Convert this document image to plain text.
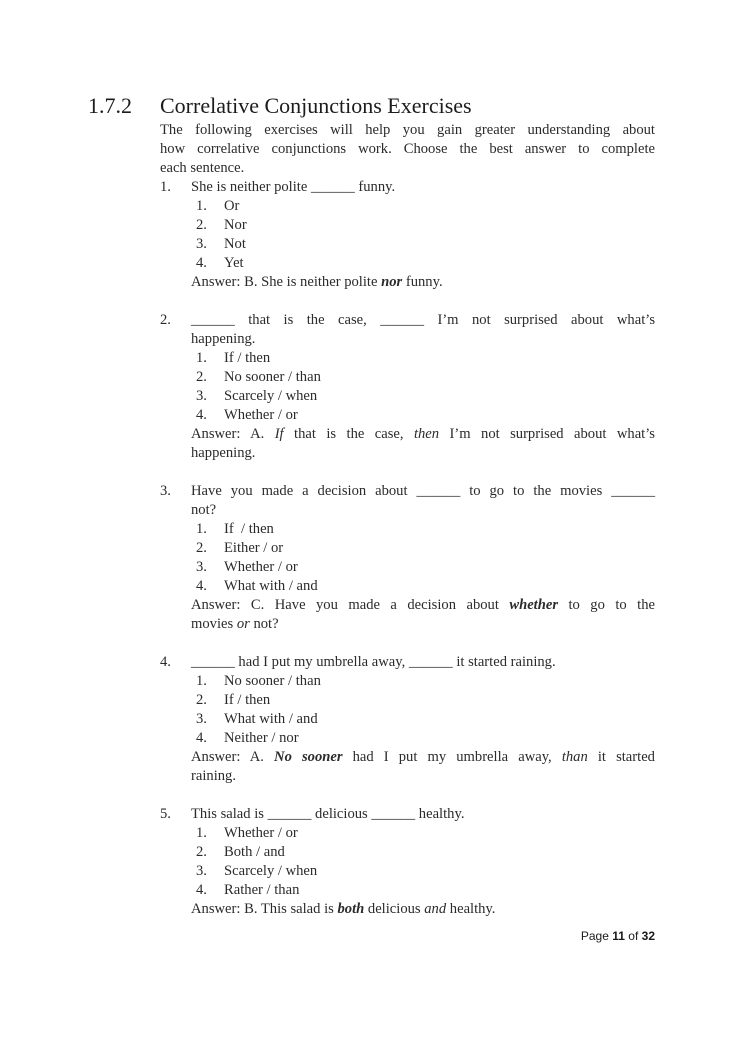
1.7.2	Correlative Conjunctions Exercises
The following exercises will help you gain greater understanding about
how correlative conjunctions work. Choose the best answer to complete
each sentence.
1.	She is neither polite ______ funny.
1.	Or
2.	Nor
3.	Not
4.	Yet
Answer: B. She is neither polite nor funny.
2.	______ that is the case, ______ I’m not surprised about what’s
happening.
1.	If / then
2.	No sooner / than
3.	Scarcely / when
4.	Whether / or
Answer: A. If that is the case, then I’m not surprised about what’s
happening.
3.	Have you made a decision about ______ to go to the movies ______
not?
1.	If  / then
2.	Either / or
3.	Whether / or
4.	What with / and
Answer: C. Have you made a decision about whether to go to the
movies or not?
4.	______ had I put my umbrella away, ______ it started raining.
1.	No sooner / than
2.	If / then
3.	What with / and
4.	Neither / nor
Answer: A. No sooner had I put my umbrella away, than it started
raining.
5.	This salad is ______ delicious ______ healthy.
1.	Whether / or
2.	Both / and
3.	Scarcely / when
4.	Rather / than
Answer: B. This salad is both delicious and healthy.
Page 11 of 32
